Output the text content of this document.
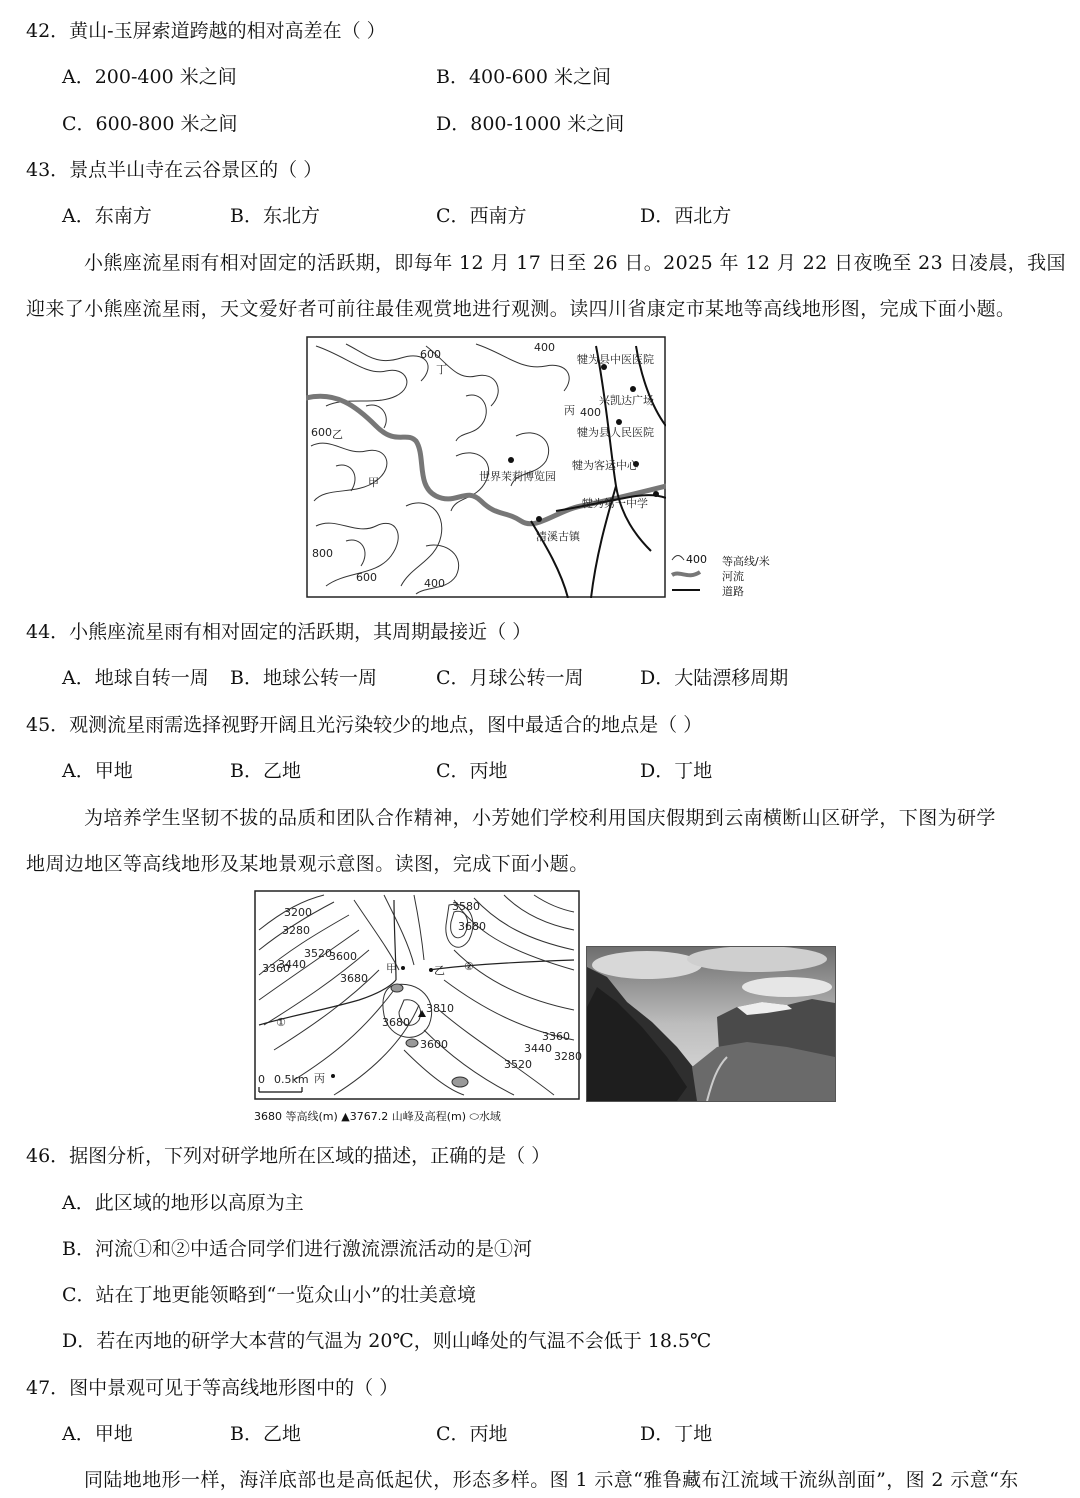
42．黄山-玉屏索道跨越的相对高差在（ ）
A．200-400 米之间	B．400-600 米之间
C．600-800 米之间	D．800-1000 米之间
43．景点半山寺在云谷景区的（ ）
A．东南方	B．东北方	C．西南方	D．西北方
小熊座流星雨有相对固定的活跃期，即每年 12 月 17 日至 26 日。2025 年 12 月 22 日夜晚至 23 日凌晨，我国
迎来了小熊座流星雨，天文爱好者可前往最佳观赏地进行观测。读四川省康定市某地等高线地形图，完成下面小题。
600
丁
400
犍为县中医医院
兴凯达广场
丙 400
犍为县人民医院
600 乙
世界茉莉博览园
犍为客运中心
甲
犍为第一中学
清溪古镇
800
600	400
400 等高线/米
河流
道路
44．小熊座流星雨有相对固定的活跃期，其周期最接近（ ）
A．地球自转一周 B．地球公转一周	C．月球公转一周	D．大陆漂移周期
45．观测流星雨需选择视野开阔且光污染较少的地点，图中最适合的地点是（ ）
A．甲地	B．乙地	C．丙地	D．丁地
为培养学生坚韧不拔的品质和团队合作精神，小芳她们学校利用国庆假期到云南横断山区研学，下图为研学
地周边地区等高线地形及某地景观示意图。读图，完成下面小题。
3200
3280
3360
3440
3520
3600
3680
甲	乙 ②
3580
3680
①
3810
3680
3600
丙
3520
3440
3360
3280
0 0.5km
3680 等高线(m) ▲3767.2 山峰及高程(m) ⬭水域
46．据图分析，下列对研学地所在区域的描述，正确的是（ ）
A．此区域的地形以高原为主
B．河流①和②中适合同学们进行激流漂流活动的是①河
C．站在丁地更能领略到“一览众山小”的壮美意境
D．若在丙地的研学大本营的气温为 20℃，则山峰处的气温不会低于 18.5℃
47．图中景观可见于等高线地形图中的（ ）
A．甲地	B．乙地	C．丙地	D．丁地
同陆地地形一样，海洋底部也是高低起伏，形态多样。图 1 示意“雅鲁藏布江流域干流纵剖面”，图 2 示意“东
